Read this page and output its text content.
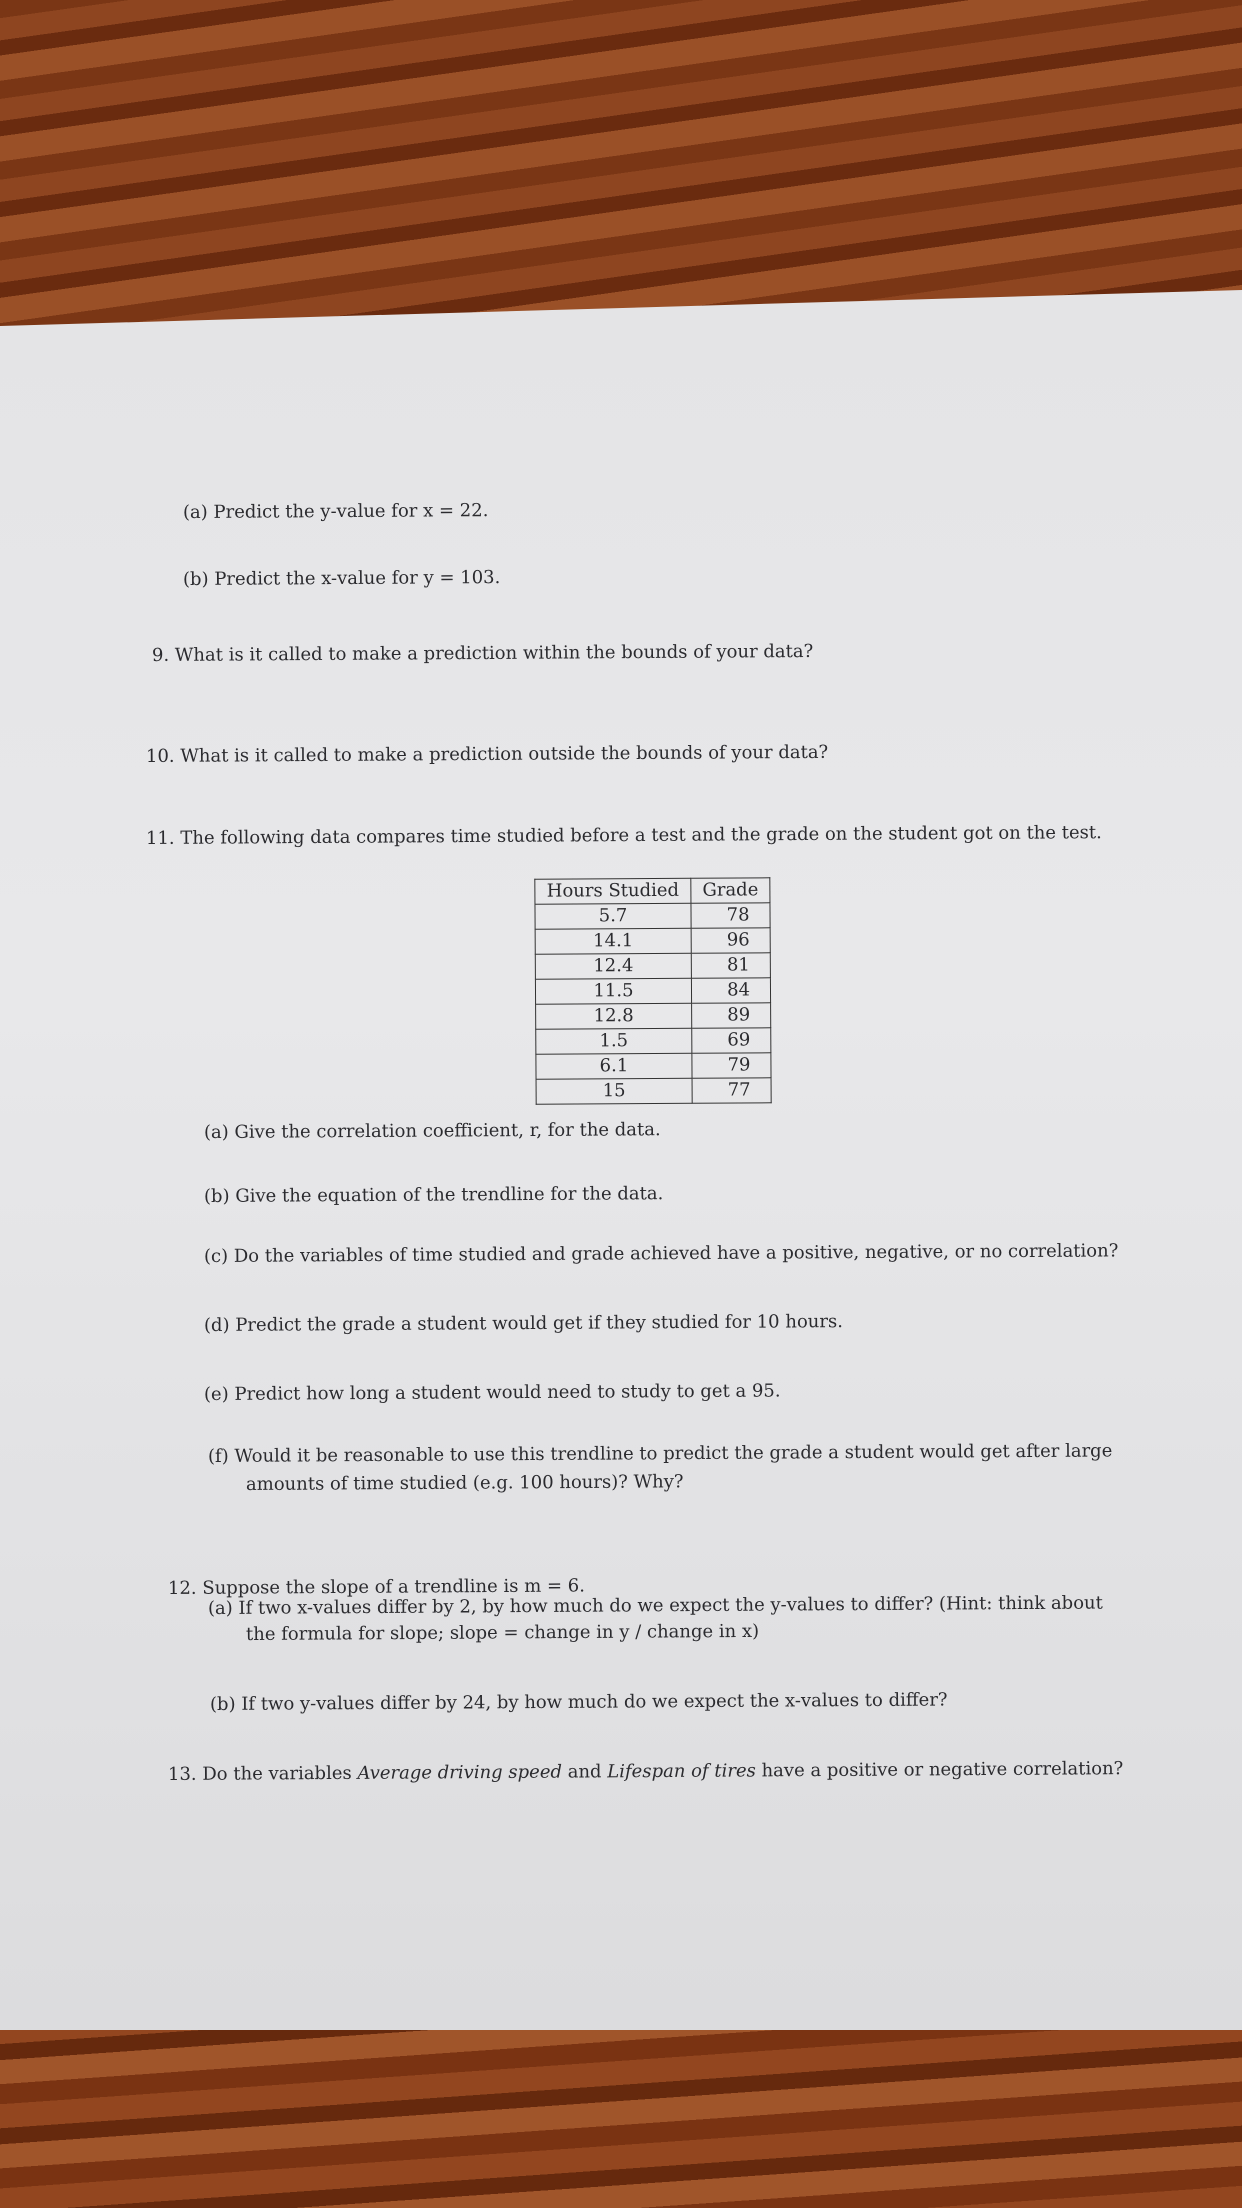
(a) Predict the y-value for x = 22.
(b) Predict the x-value for y = 103.
9. What is it called to make a prediction within the bounds of your data?
10. What is it called to make a prediction outside the bounds of your data?
11. The following data compares time studied before a test and the grade on the student got on the test.
Hours Studied	Grade
5.7	78
14.1	96
12.4	81
11.5	84
12.8	89
1.5	69
6.1	79
15	77
(a) Give the correlation coefficient, r, for the data.
(b) Give the equation of the trendline for the data.
(c) Do the variables of time studied and grade achieved have a positive, negative, or no correlation?
(d) Predict the grade a student would get if they studied for 10 hours.
(e) Predict how long a student would need to study to get a 95.
(f) Would it be reasonable to use this trendline to predict the grade a student would get after large
amounts of time studied (e.g. 100 hours)? Why?
12. Suppose the slope of a trendline is m = 6.
(a) If two x-values differ by 2, by how much do we expect the y-values to differ? (Hint: think about
the formula for slope; slope = change in y / change in x)
(b) If two y-values differ by 24, by how much do we expect the x-values to differ?
13. Do the variables Average driving speed and Lifespan of tires have a positive or negative correlation?
